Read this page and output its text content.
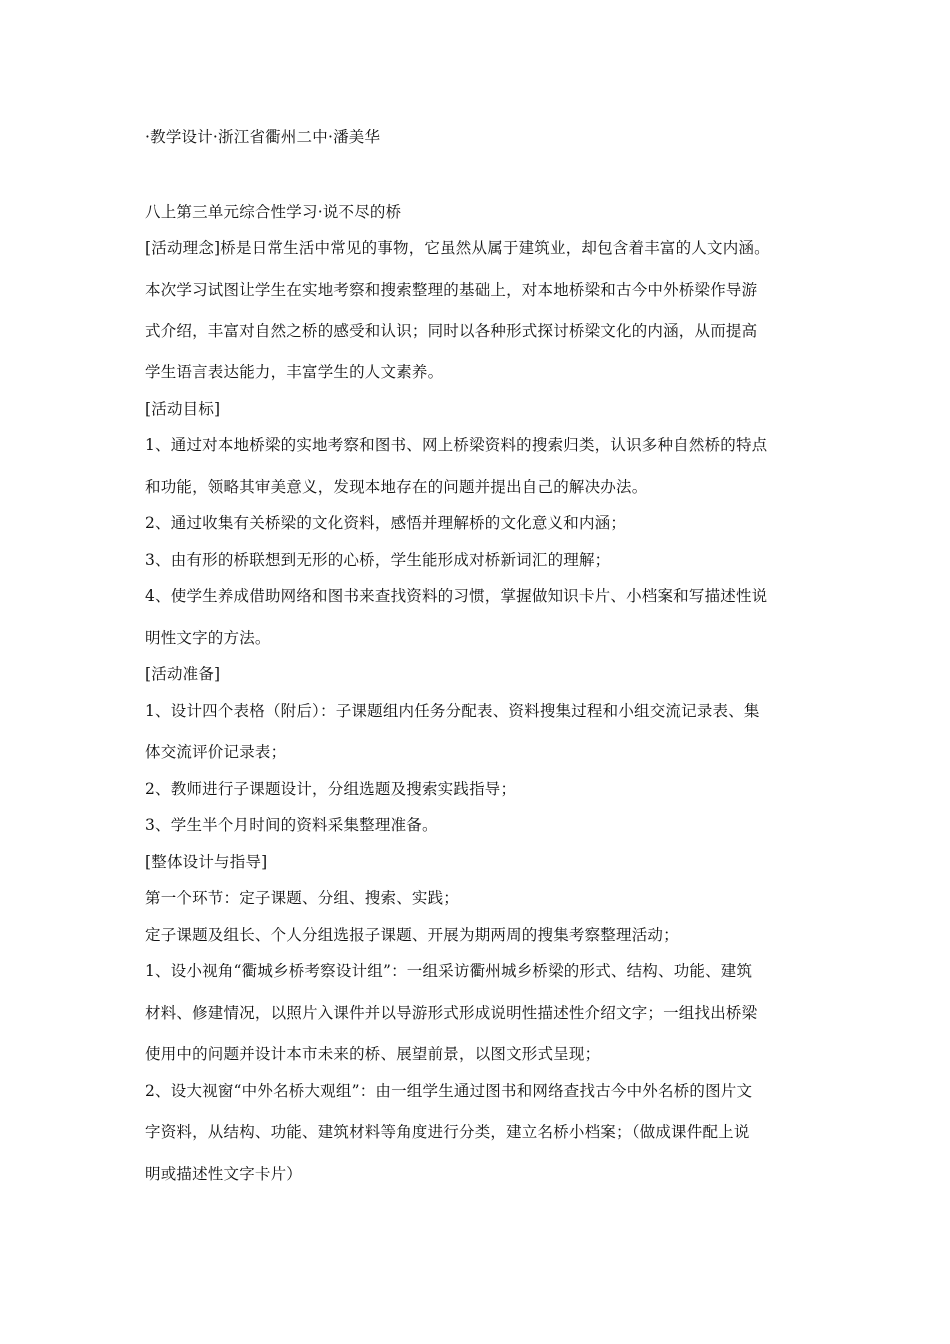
·教学设计·浙江省衢州二中·潘美华
八上第三单元综合性学习·说不尽的桥
[活动理念]桥是日常生活中常见的事物，它虽然从属于建筑业，却包含着丰富的人文内涵。
本次学习试图让学生在实地考察和搜索整理的基础上，对本地桥梁和古今中外桥梁作导游
式介绍，丰富对自然之桥的感受和认识；同时以各种形式探讨桥梁文化的内涵，从而提高
学生语言表达能力，丰富学生的人文素养。
[活动目标]
1、通过对本地桥梁的实地考察和图书、网上桥梁资料的搜索归类，认识多种自然桥的特点
和功能，领略其审美意义，发现本地存在的问题并提出自己的解决办法。
2、通过收集有关桥梁的文化资料，感悟并理解桥的文化意义和内涵；
3、由有形的桥联想到无形的心桥，学生能形成对桥新词汇的理解；
4、使学生养成借助网络和图书来查找资料的习惯，掌握做知识卡片、小档案和写描述性说
明性文字的方法。
[活动准备]
1、设计四个表格（附后）：子课题组内任务分配表、资料搜集过程和小组交流记录表、集
体交流评价记录表；
2、教师进行子课题设计，分组选题及搜索实践指导；
3、学生半个月时间的资料采集整理准备。
[整体设计与指导]
第一个环节：定子课题、分组、搜索、实践；
定子课题及组长、个人分组选报子课题、开展为期两周的搜集考察整理活动；
1、设小视角“衢城乡桥考察设计组”：一组采访衢州城乡桥梁的形式、结构、功能、建筑
材料、修建情况，以照片入课件并以导游形式形成说明性描述性介绍文字；一组找出桥梁
使用中的问题并设计本市未来的桥、展望前景，以图文形式呈现；
2、设大视窗“中外名桥大观组”：由一组学生通过图书和网络查找古今中外名桥的图片文
字资料，从结构、功能、建筑材料等角度进行分类，建立名桥小档案；（做成课件配上说
明或描述性文字卡片）
